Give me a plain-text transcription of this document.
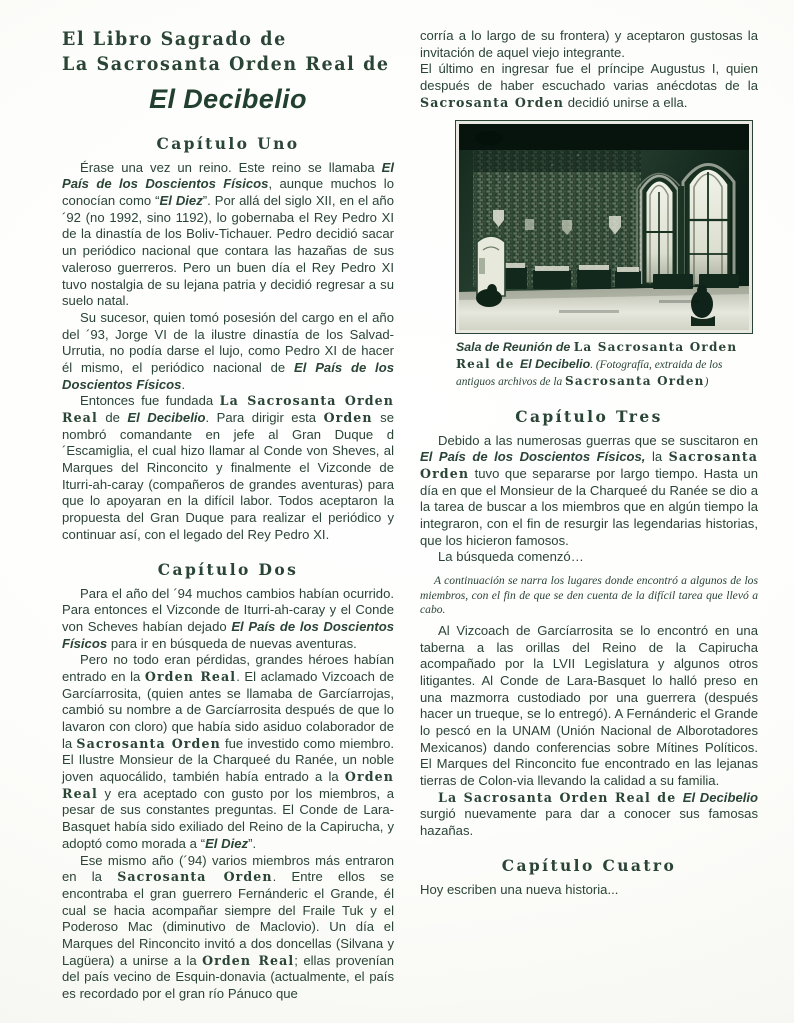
El Libro Sagrado de La Sacrosanta Orden Real de
El Decibelio
Capítulo Uno

Érase una vez un reino. Este reino se llamaba El País de los Doscientos Físicos, aunque muchos lo conocían como “El Diez”. Por allá del siglo XII, en el año ´92 (no 1992, sino 1192), lo gobernaba el Rey Pedro XI de la dinastía de los Boliv-Tichauer. Pedro decidió sacar un periódico nacional que contara las hazañas de sus valeroso guerreros. Pero un buen día el Rey Pedro XI tuvo nostalgia de su lejana patria y decidió regresar a su suelo natal.

Su sucesor, quien tomó posesión del cargo en el año del ´93, Jorge VI de la ilustre dinastía de los Salvad-Urrutia, no podía darse el lujo, como Pedro XI de hacer él mismo, el periódico nacional de El País de los Doscientos Físicos.

Entonces fue fundada La Sacrosanta Orden Real de El Decibelio. Para dirigir esta Orden se nombró comandante en jefe al Gran Duque d´Escamiglia, el cual hizo llamar al Conde von Sheves, al Marques del Rinconcito y finalmente el Vizconde de Iturri-ah-caray (compañeros de grandes aventuras) para que lo apoyaran en la difícil labor. Todos aceptaron la propuesta del Gran Duque para realizar el periódico y continuar así, con el legado del Rey Pedro XI.

Capítulo Dos

Para el año del ´94 muchos cambios habían ocurrido. Para entonces el Vizconde de Iturri-ah-caray y el Conde von Scheves habían dejado El País de los Doscientos Físicos para ir en búsqueda de nuevas aventuras.

Pero no todo eran pérdidas, grandes héroes habían entrado en la Orden Real. El aclamado Vizcoach de Garcíarrosita, (quien antes se llamaba de Garcíarrojas, cambió su nombre a de Garcíarrosita después de que lo lavaron con cloro) que había sido asiduo colaborador de la Sacrosanta Orden fue investido como miembro. El Ilustre Monsieur de la Charqueé du Ranée, un noble joven aquocálido, también había entrado a la Orden Real y era aceptado con gusto por los miembros, a pesar de sus constantes preguntas. El Conde de Lara-Basquet había sido exiliado del Reino de la Capirucha, y adoptó como morada a “El Diez”.

Ese mismo año (´94) varios miembros más entraron en la Sacrosanta Orden. Entre ellos se encontraba el gran guerrero Fernánderic el Grande, él cual se hacia acompañar siempre del Fraile Tuk y el Poderoso Mac (diminutivo de Maclovio). Un día el Marques del Rinconcito invitó a dos doncellas (Silvana y Lagüera) a unirse a la Orden Real; ellas provenían del país vecino de Esquin-donavia (actualmente, el país es recordado por el gran río Pánuco que

corría a lo largo de su frontera) y aceptaron gustosas la invitación de aquel viejo integrante.

El último en ingresar fue el príncipe Augustus I, quien después de haber escuchado varias anécdotas de la Sacrosanta Orden decidió unirse a ella.

Sala de Reunión de La Sacrosanta Orden Real de El Decibelio. (Fotografía, extraida de los antiguos archivos de la Sacrosanta Orden)
Capítulo Tres

Debido a las numerosas guerras que se suscitaron en El País de los Doscientos Físicos, la Sacrosanta Orden tuvo que separarse por largo tiempo. Hasta un día en que el Monsieur de la Charqueé du Ranée se dio a la tarea de buscar a los miembros que en algún tiempo la integraron, con el fin de resurgir las legendarias historias, que los hicieron famosos.

La búsqueda comenzó…

A continuación se narra los lugares donde encontró a algunos de los miembros, con el fin de que se den cuenta de la difícil tarea que llevó a cabo.

Al Vizcoach de Garcíarrosita se lo encontró en una taberna a las orillas del Reino de la Capirucha acompañado por la LVII Legislatura y algunos otros litigantes. Al Conde de Lara-Basquet lo halló preso en una mazmorra custodiado por una guerrera (después hacer un trueque, se lo entregó). A Fernánderic el Grande lo pescó en la UNAM (Unión Nacional de Alborotadores Mexicanos) dando conferencias sobre Mítines Políticos. El Marques del Rinconcito fue encontrado en las lejanas tierras de Colon-via llevando la calidad a su familia.

La Sacrosanta Orden Real de El Decibelio surgió nuevamente para dar a conocer sus famosas hazañas.

Capítulo Cuatro

Hoy escriben una nueva historia...
